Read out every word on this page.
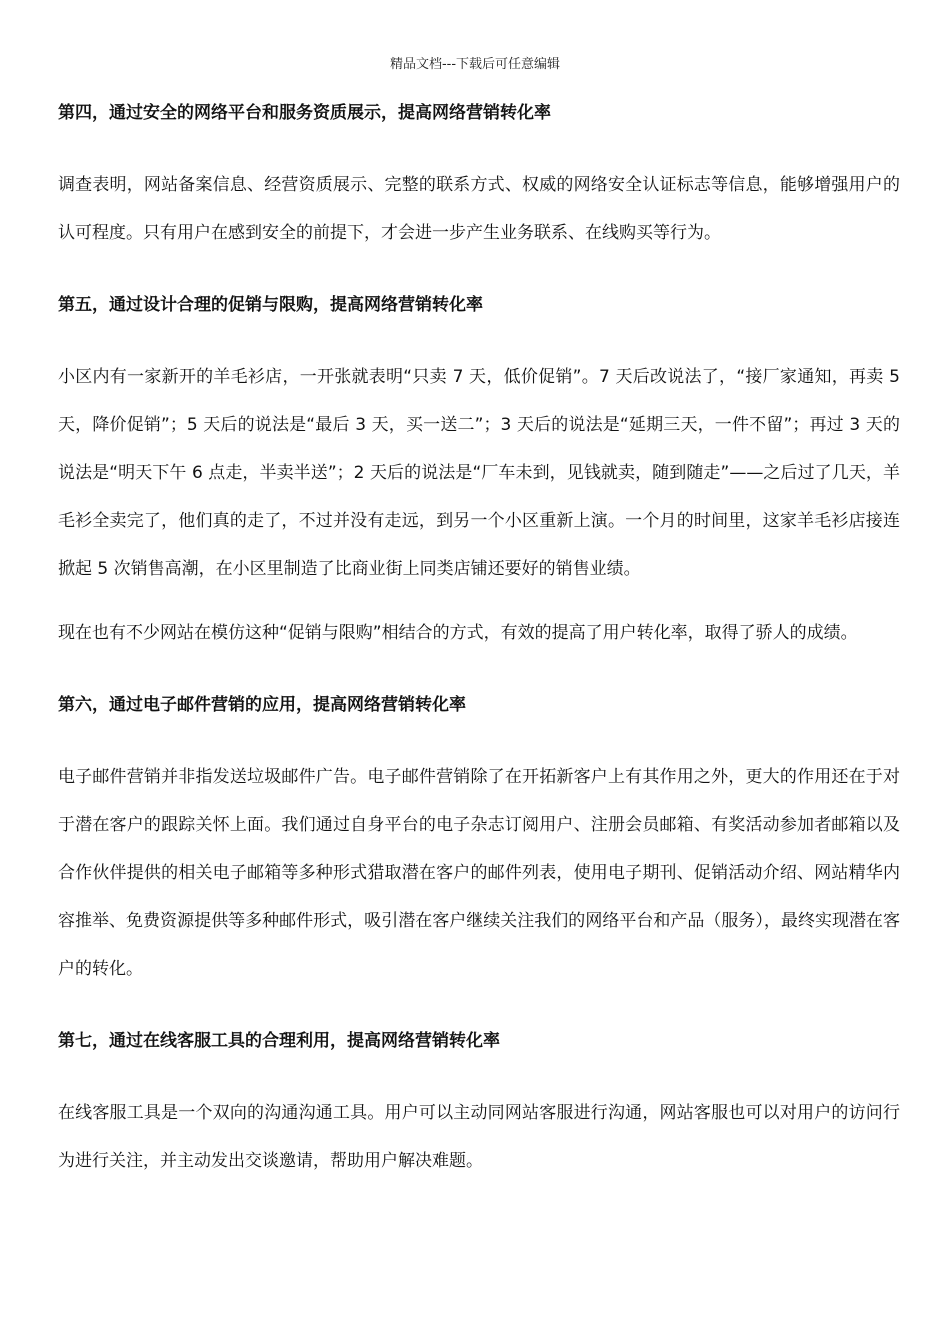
精品文档---下载后可任意编辑
第四，通过安全的网络平台和服务资质展示，提高网络营销转化率

调查表明，网站备案信息、经营资质展示、完整的联系方式、权威的网络安全认证标志等信息，能够增强用户的认可程度。只有用户在感到安全的前提下，才会进一步产生业务联系、在线购买等行为。

第五，通过设计合理的促销与限购，提高网络营销转化率

小区内有一家新开的羊毛衫店，一开张就表明“只卖 7 天，低价促销”。7 天后改说法了，“接厂家通知，再卖 5 天，降价促销”；5 天后的说法是“最后 3 天，买一送二”；3 天后的说法是“延期三天，一件不留”；再过 3 天的说法是“明天下午 6 点走，半卖半送”；2 天后的说法是“厂车未到，见钱就卖，随到随走”——之后过了几天，羊毛衫全卖完了，他们真的走了，不过并没有走远，到另一个小区重新上演。一个月的时间里，这家羊毛衫店接连掀起 5 次销售高潮，在小区里制造了比商业街上同类店铺还要好的销售业绩。

现在也有不少网站在模仿这种“促销与限购”相结合的方式，有效的提高了用户转化率，取得了骄人的成绩。

第六，通过电子邮件营销的应用，提高网络营销转化率

电子邮件营销并非指发送垃圾邮件广告。电子邮件营销除了在开拓新客户上有其作用之外，更大的作用还在于对于潜在客户的跟踪关怀上面。我们通过自身平台的电子杂志订阅用户、注册会员邮箱、有奖活动参加者邮箱以及合作伙伴提供的相关电子邮箱等多种形式猎取潜在客户的邮件列表，使用电子期刊、促销活动介绍、网站精华内容推举、免费资源提供等多种邮件形式，吸引潜在客户继续关注我们的网络平台和产品（服务），最终实现潜在客户的转化。

第七，通过在线客服工具的合理利用，提高网络营销转化率

在线客服工具是一个双向的沟通沟通工具。用户可以主动同网站客服进行沟通，网站客服也可以对用户的访问行为进行关注，并主动发出交谈邀请，帮助用户解决难题。
